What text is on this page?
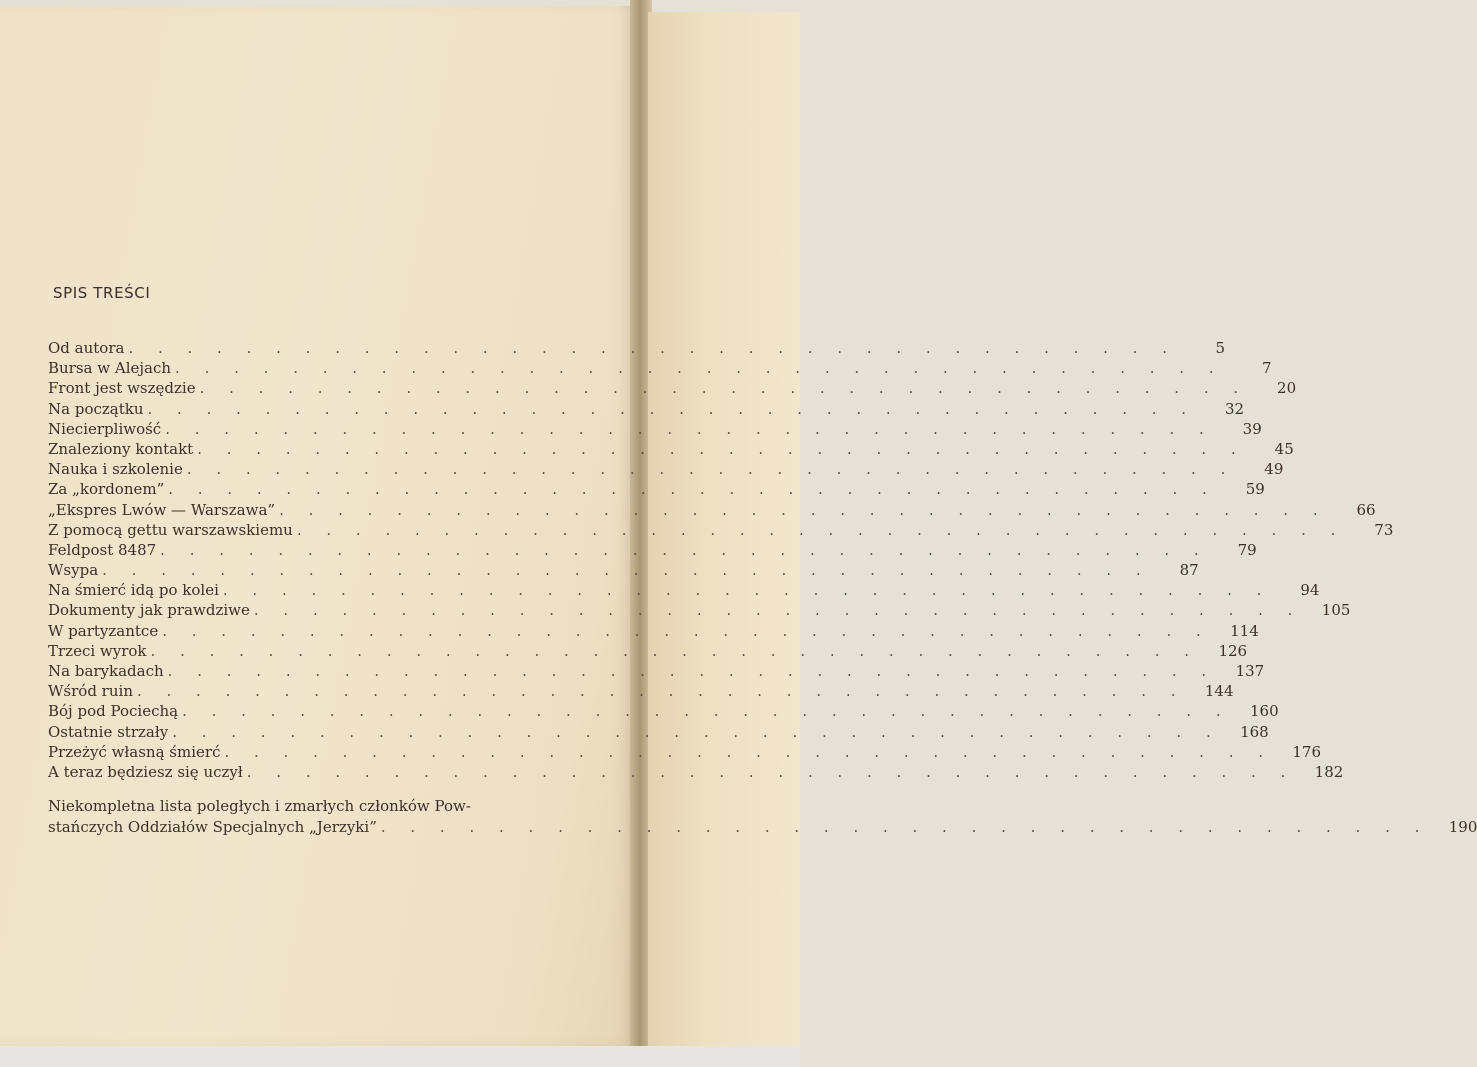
SPIS TREŚCI
Od autora . . . . . . . . . . . . . . . . . . . . . . . . . . . . . . . . . . . .	5
Bursa w Alejach . . . . . . . . . . . . . . . . . . . . . . . . . . . . . . . . . . . .	7
Front jest wszędzie . . . . . . . . . . . . . . . . . . . . . . . . . . . . . . . . . . . .	20
Na początku . . . . . . . . . . . . . . . . . . . . . . . . . . . . . . . . . . . .	32
Niecierpliwość . . . . . . . . . . . . . . . . . . . . . . . . . . . . . . . . . . . .	39
Znaleziony kontakt . . . . . . . . . . . . . . . . . . . . . . . . . . . . . . . . . . . .	45
Nauka i szkolenie . . . . . . . . . . . . . . . . . . . . . . . . . . . . . . . . . . . .	49
Za „kordonem” . . . . . . . . . . . . . . . . . . . . . . . . . . . . . . . . . . . .	59
„Ekspres Lwów — Warszawa” . . . . . . . . . . . . . . . . . . . . . . . . . . . . . . . . . . . .	66
Z pomocą gettu warszawskiemu . . . . . . . . . . . . . . . . . . . . . . . . . . . . . . . . . . . .	73
Feldpost 8487 . . . . . . . . . . . . . . . . . . . . . . . . . . . . . . . . . . . .	79
Wsypa . . . . . . . . . . . . . . . . . . . . . . . . . . . . . . . . . . . .	87
Na śmierć idą po kolei . . . . . . . . . . . . . . . . . . . . . . . . . . . . . . . . . . . .	94
Dokumenty jak prawdziwe . . . . . . . . . . . . . . . . . . . . . . . . . . . . . . . . . . . .	105
W partyzantce . . . . . . . . . . . . . . . . . . . . . . . . . . . . . . . . . . . .	114
Trzeci wyrok . . . . . . . . . . . . . . . . . . . . . . . . . . . . . . . . . . . .	126
Na barykadach . . . . . . . . . . . . . . . . . . . . . . . . . . . . . . . . . . . .	137
Wśród ruin . . . . . . . . . . . . . . . . . . . . . . . . . . . . . . . . . . . .	144
Bój pod Pociechą . . . . . . . . . . . . . . . . . . . . . . . . . . . . . . . . . . . .	160
Ostatnie strzały . . . . . . . . . . . . . . . . . . . . . . . . . . . . . . . . . . . .	168
Przeżyć własną śmierć . . . . . . . . . . . . . . . . . . . . . . . . . . . . . . . . . . . .	176
A teraz będziesz się uczył . . . . . . . . . . . . . . . . . . . . . . . . . . . . . . . . . . . .	182
Niekompletna lista poległych i zmarłych członków Pow-
stańczych Oddziałów Specjalnych „Jerzyki” . . . . . . . . . . . . . . . . . . . . . . . . . . . . . . . . . . . .	190
